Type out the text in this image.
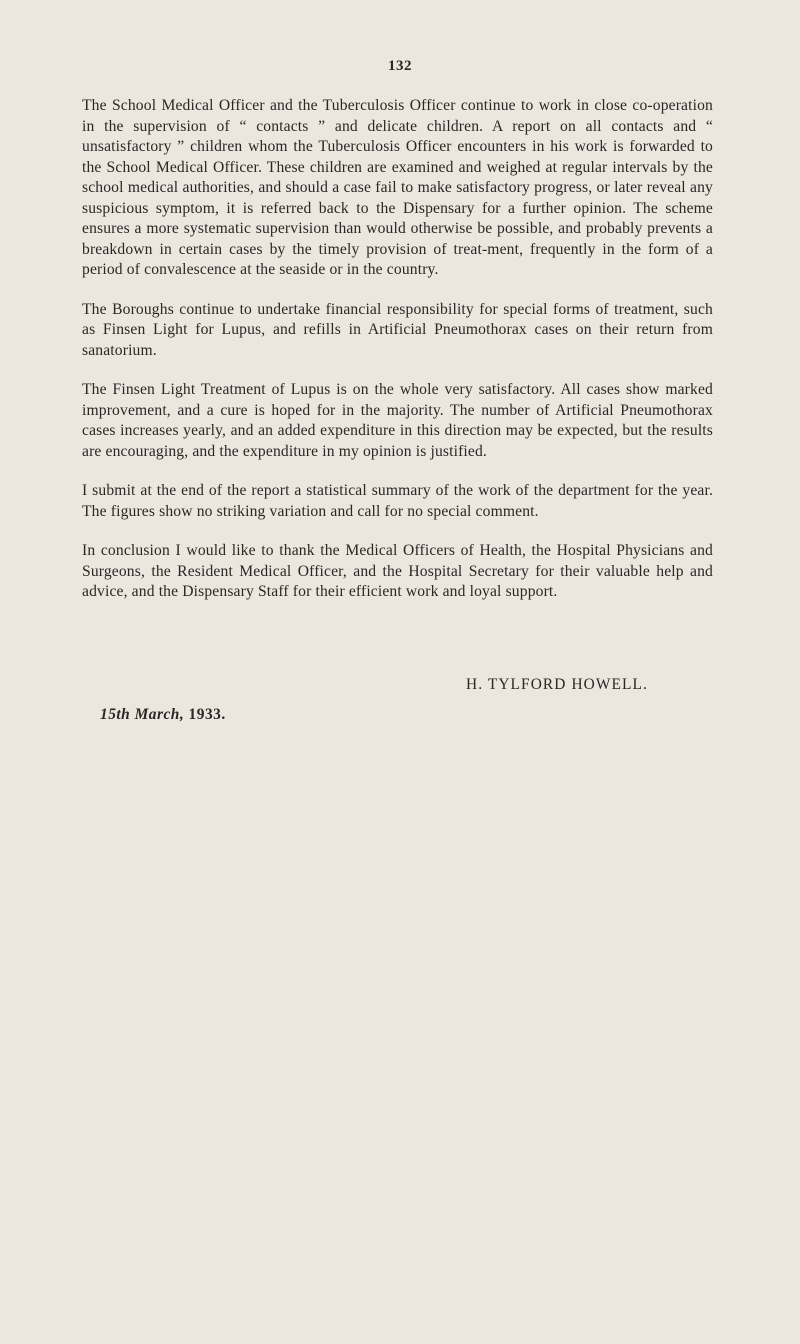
132

The School Medical Officer and the Tuberculosis Officer continue to work in close co-operation in the supervision of “ contacts ” and delicate children. A report on all contacts and “ unsatisfactory ” children whom the Tuberculosis Officer encounters in his work is forwarded to the School Medical Officer. These children are examined and weighed at regular intervals by the school medical authorities, and should a case fail to make satisfactory progress, or later reveal any suspicious symptom, it is referred back to the Dispensary for a further opinion. The scheme ensures a more systematic supervision than would otherwise be possible, and probably prevents a breakdown in certain cases by the timely provision of treat-ment, frequently in the form of a period of convalescence at the seaside or in the country.

The Boroughs continue to undertake financial responsibility for special forms of treatment, such as Finsen Light for Lupus, and refills in Artificial Pneumothorax cases on their return from sanatorium.

The Finsen Light Treatment of Lupus is on the whole very satisfactory. All cases show marked improvement, and a cure is hoped for in the majority. The number of Artificial Pneumothorax cases increases yearly, and an added expenditure in this direction may be expected, but the results are encouraging, and the expenditure in my opinion is justified.

I submit at the end of the report a statistical summary of the work of the department for the year. The figures show no striking variation and call for no special comment.

In conclusion I would like to thank the Medical Officers of Health, the Hospital Physicians and Surgeons, the Resident Medical Officer, and the Hospital Secretary for their valuable help and advice, and the Dispensary Staff for their efficient work and loyal support.

H. TYLFORD HOWELL.
15th March, 1933.
